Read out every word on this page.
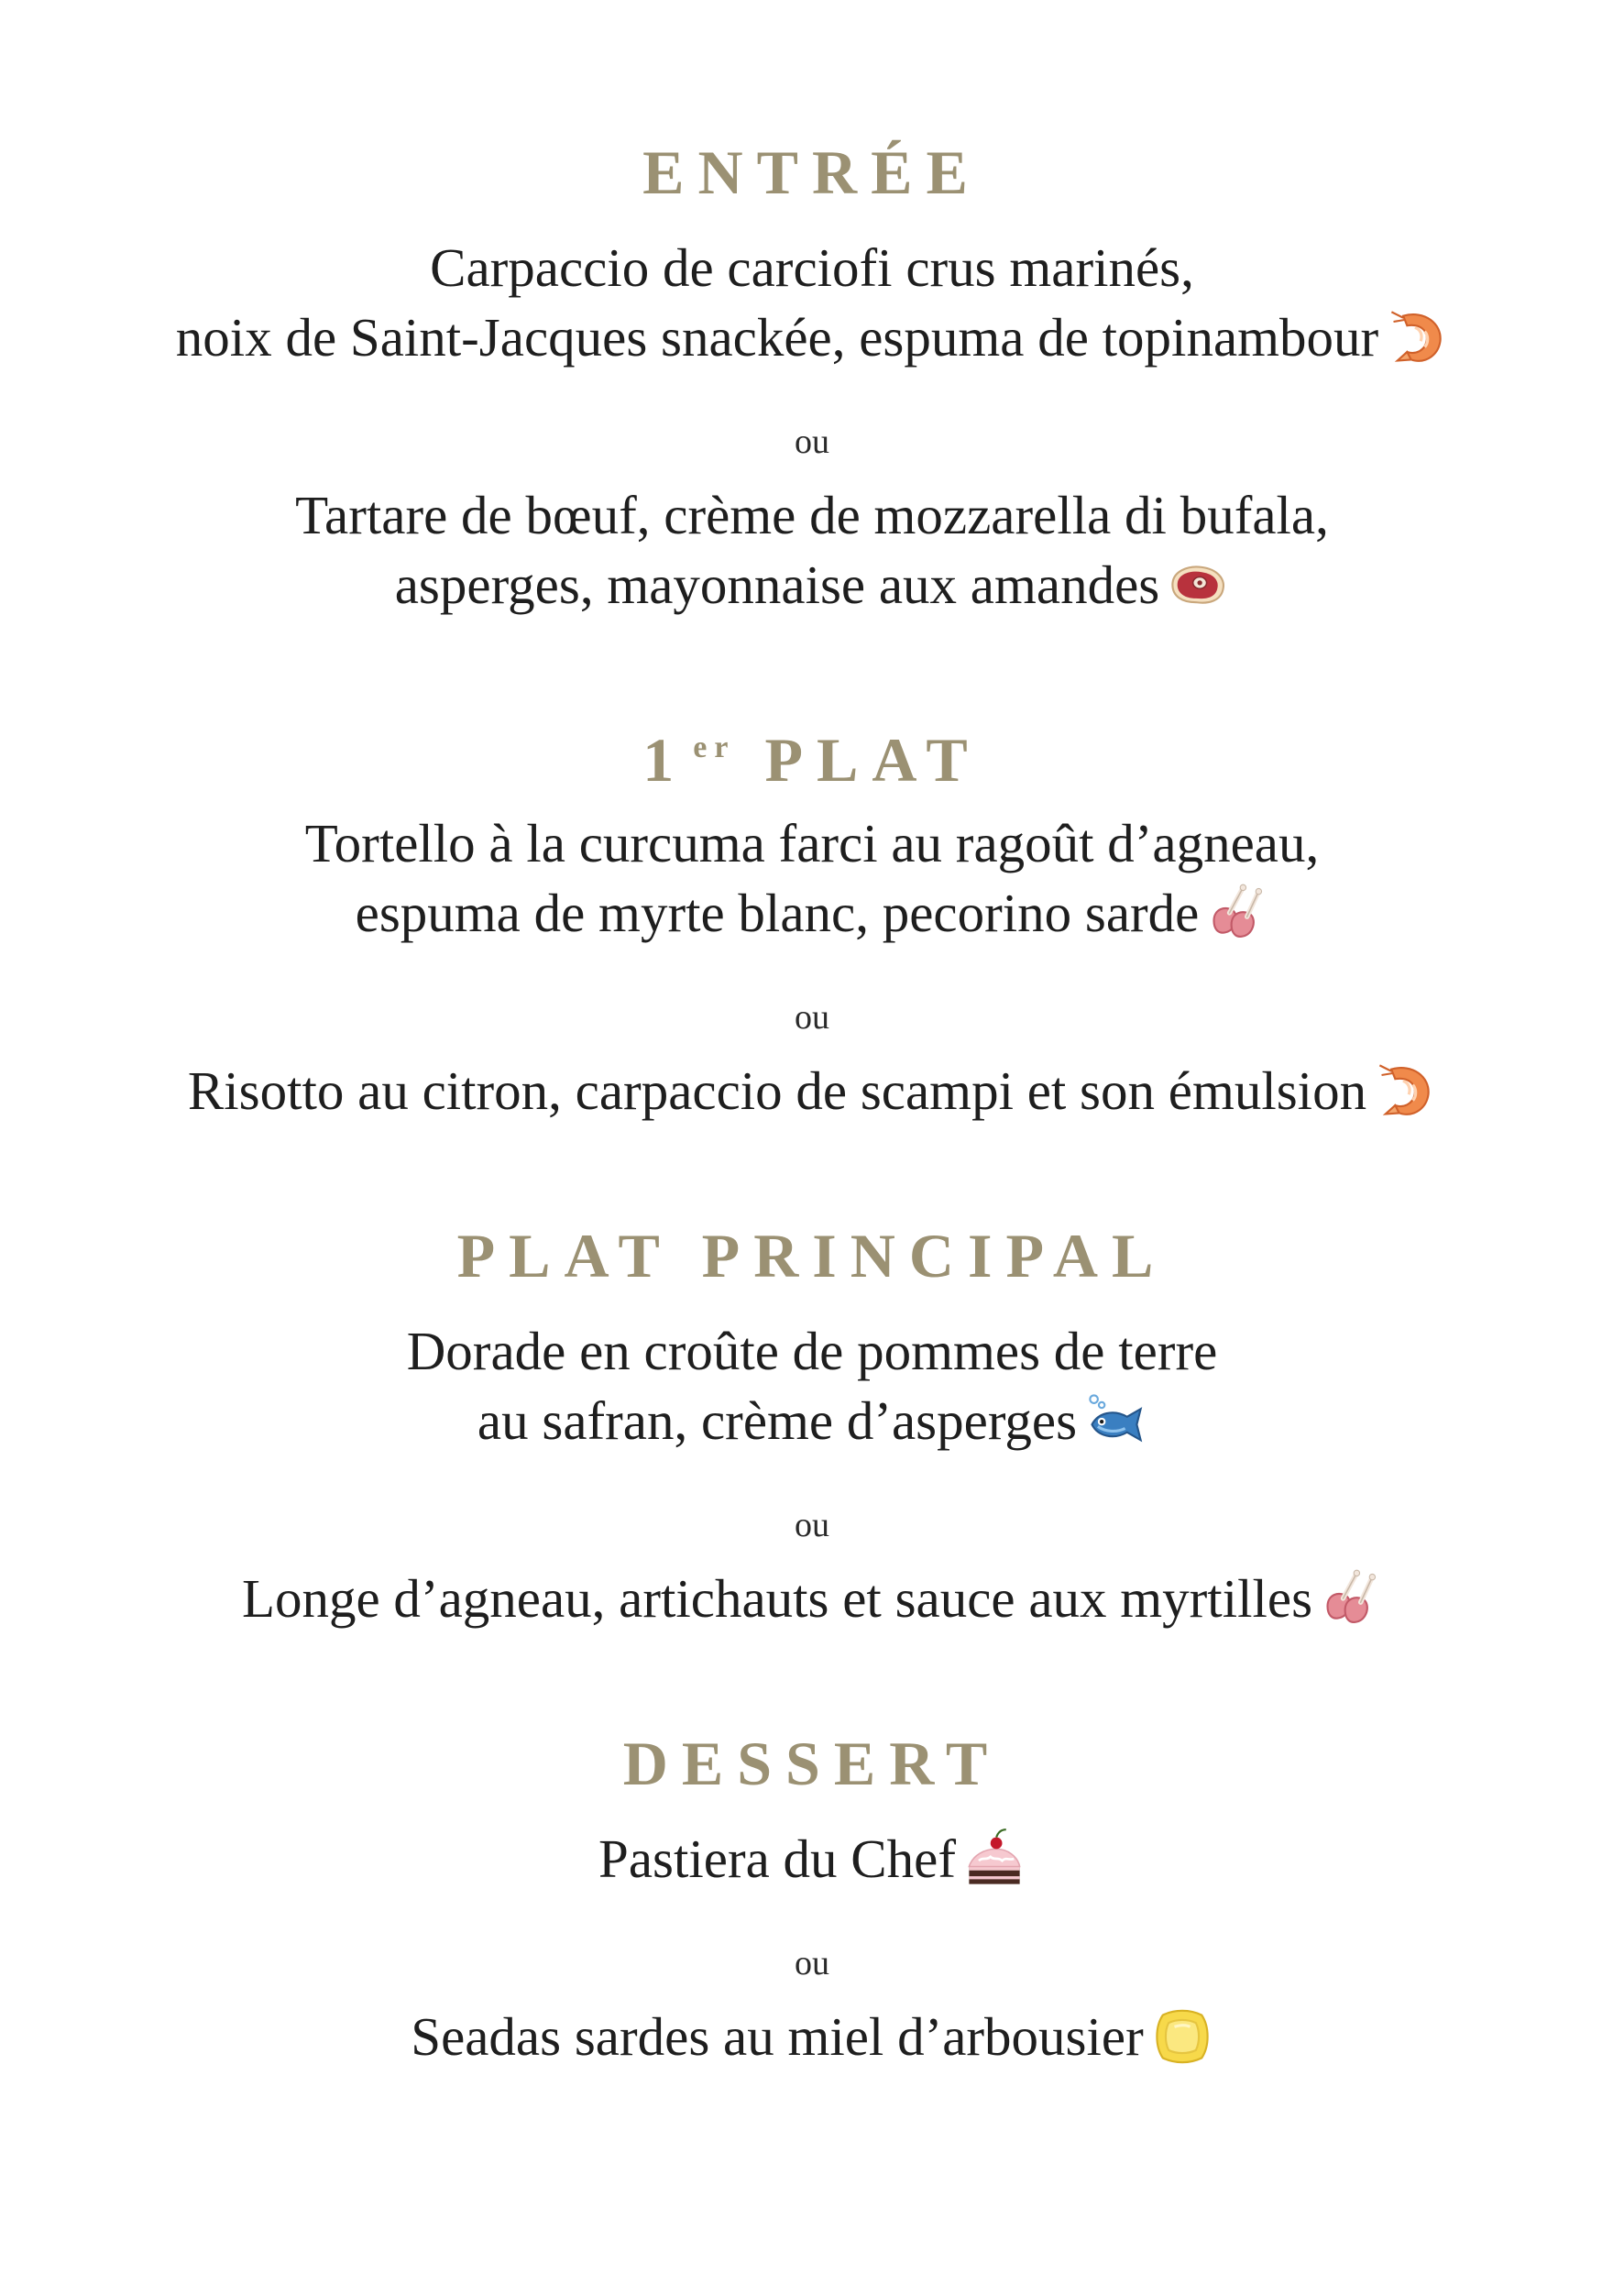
ENTRÉE
Carpaccio de carciofi crus marinés,
noix de Saint-Jacques snackée, espuma de topinambour
ou
Tartare de bœuf, crème de mozzarella di bufala,
asperges, mayonnaise aux amandes
1 $^{er}$ PLAT
Tortello à la curcuma farci au ragoût d’agneau,
espuma de myrte blanc, pecorino sarde
ou
Risotto au citron, carpaccio de scampi et son émulsion
PLAT PRINCIPAL
Dorade en croûte de pommes de terre
au safran, crème d’asperges
ou
Longe d’agneau, artichauts et sauce aux myrtilles
DESSERT
Pastiera du Chef
ou
Seadas sardes au miel d’arbousier
